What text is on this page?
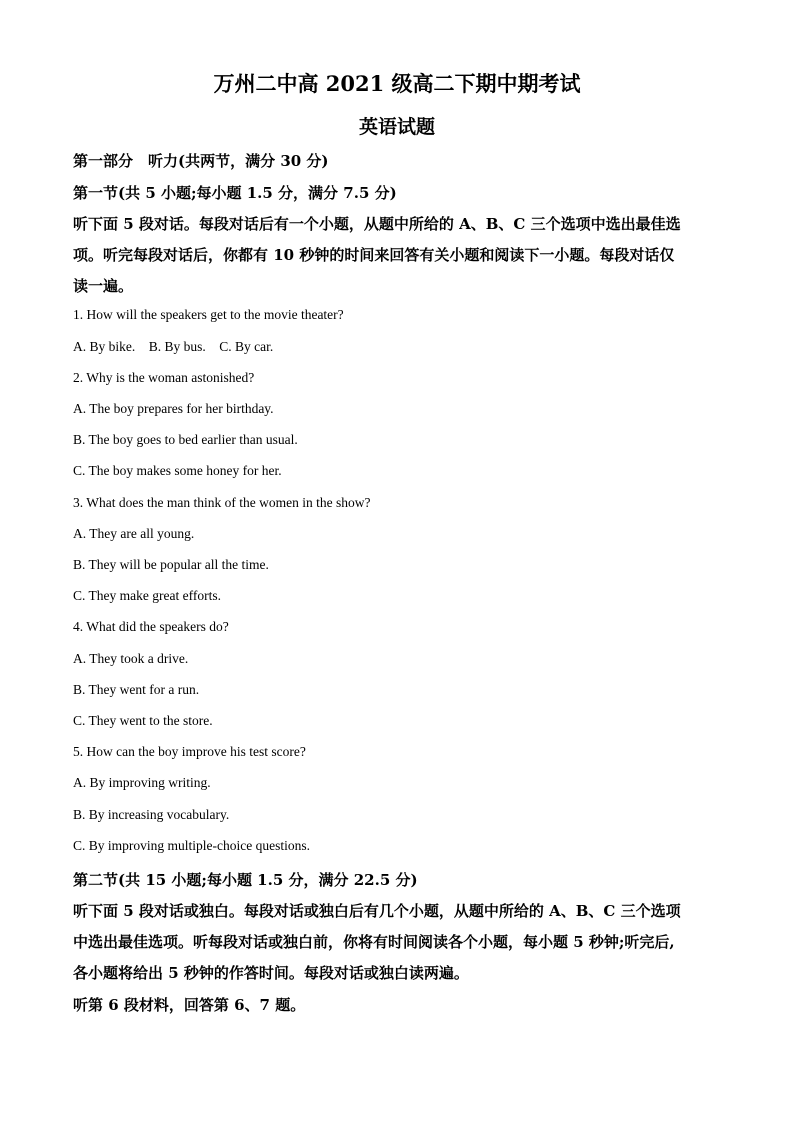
万州二中高 2021 级高二下期中期考试
英语试题
第一部分　听力(共两节，满分 30 分)
第一节(共 5 小题;每小题 1.5 分，满分 7.5 分)
听下面 5 段对话。每段对话后有一个小题，从题中所给的 A、B、C 三个选项中选出最佳选
项。听完每段对话后，你都有 10 秒钟的时间来回答有关小题和阅读下一小题。每段对话仅
读一遍。
1. How will the speakers get to the movie theater?
A. By bike. B. By bus. C. By car.
2. Why is the woman astonished?
A. The boy prepares for her birthday.
B. The boy goes to bed earlier than usual.
C. The boy makes some honey for her.
3. What does the man think of the women in the show?
A. They are all young.
B. They will be popular all the time.
C. They make great efforts.
4. What did the speakers do?
A. They took a drive.
B. They went for a run.
C. They went to the store.
5. How can the boy improve his test score?
A. By improving writing.
B. By increasing vocabulary.
C. By improving multiple-choice questions.
第二节(共 15 小题;每小题 1.5 分，满分 22.5 分)
听下面 5 段对话或独白。每段对话或独白后有几个小题，从题中所给的 A、B、C 三个选项
中选出最佳选项。听每段对话或独白前，你将有时间阅读各个小题，每小题 5 秒钟;听完后,
各小题将给出 5 秒钟的作答时间。每段对话或独白读两遍。
听第 6 段材料，回答第 6、7 题。
